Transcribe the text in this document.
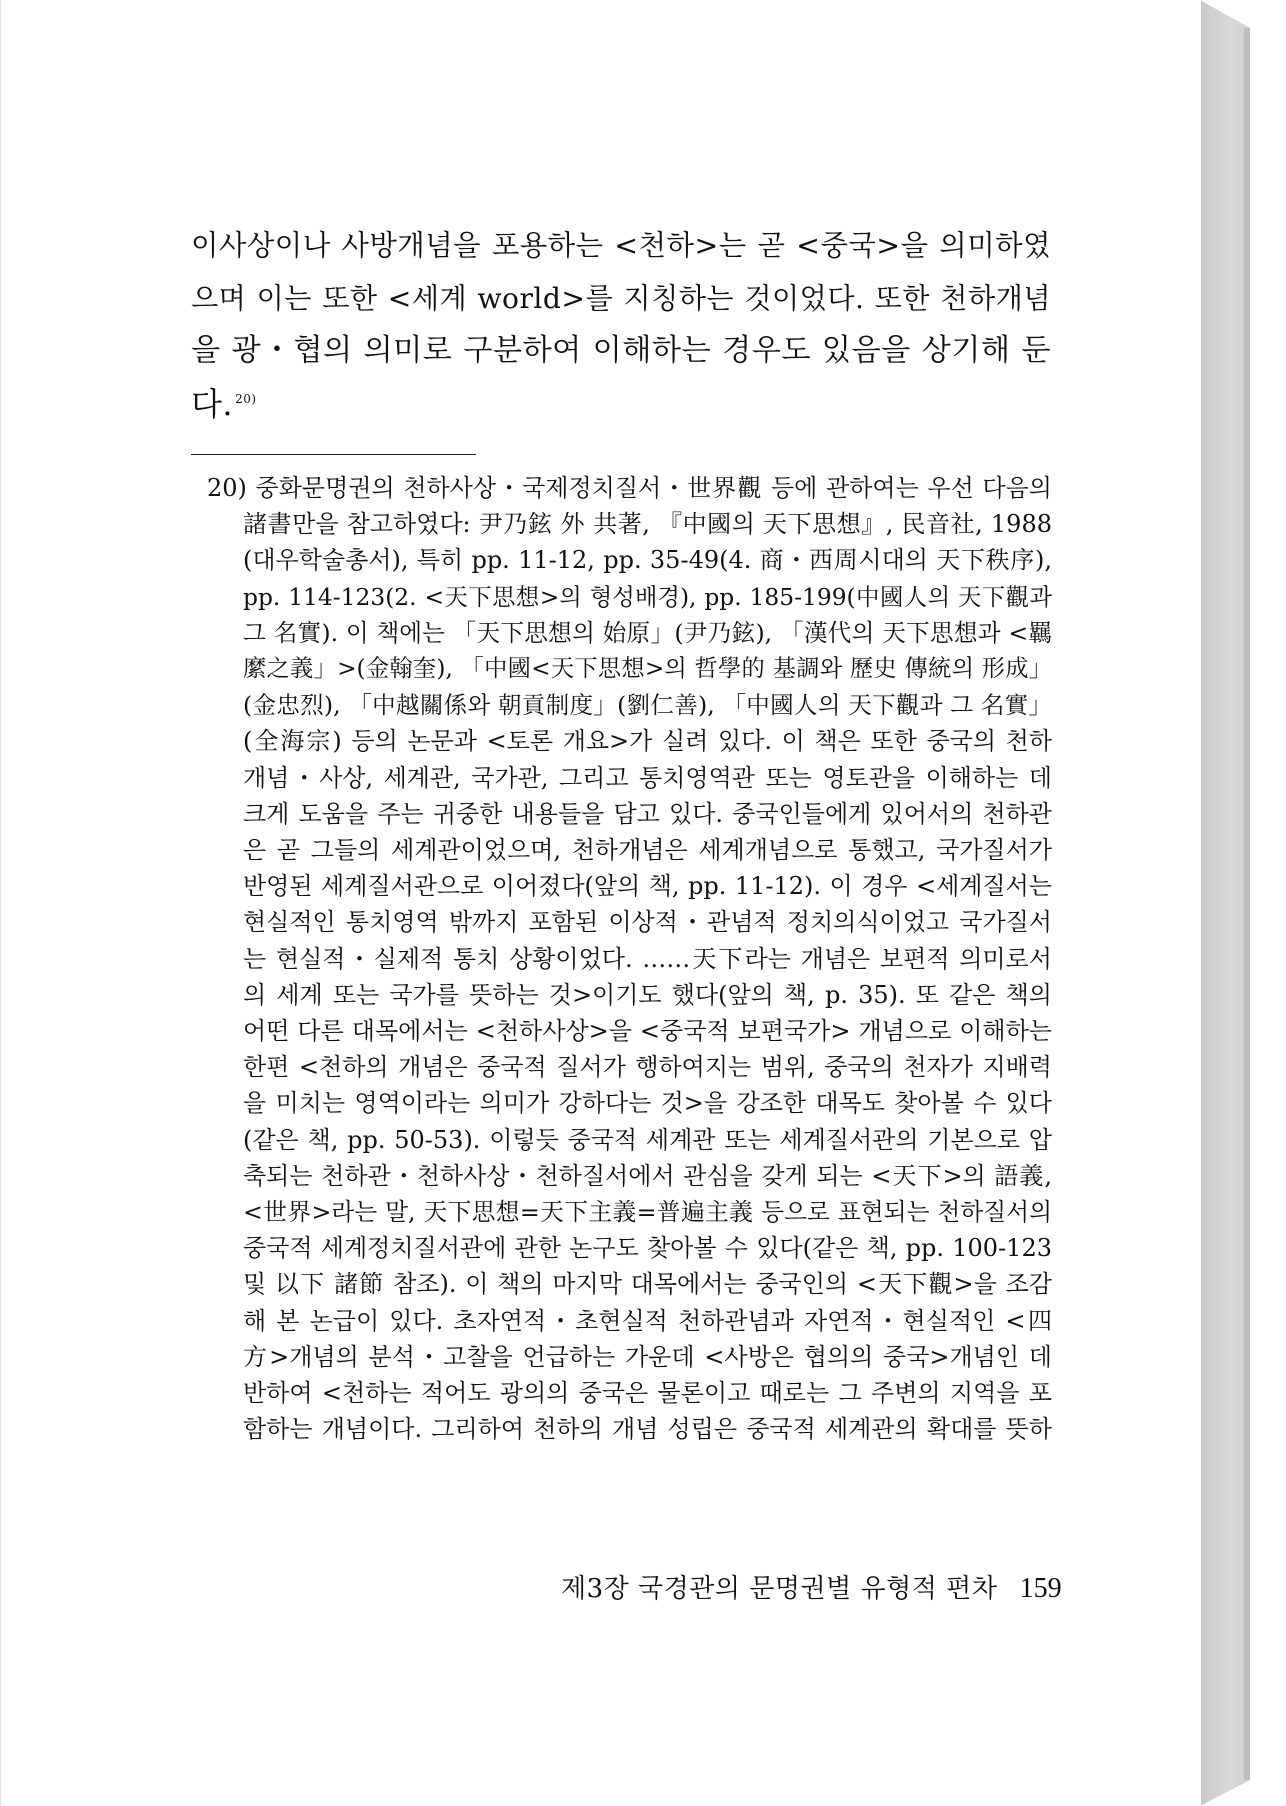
이사상이나 사방개념을 포용하는 <천하>는 곧 <중국>을 의미하였
으며 이는 또한 <세계 world>를 지칭하는 것이었다. 또한 천하개념
을 광・협의 의미로 구분하여 이해하는 경우도 있음을 상기해 둔
다. $^{20)}$
20) 중화문명권의 천하사상・국제정치질서・世界觀 등에 관하여는 우선 다음의
諸書만을 참고하였다: 尹乃鉉 外 共著, 『中國의 天下思想』, 民音社, 1988
(대우학술총서), 특히 pp. 11-12, pp. 35-49(4. 商・西周시대의 天下秩序),
pp. 114-123(2. <天下思想>의 형성배경), pp. 185-199(中國人의 天下觀과
그 名實). 이 책에는 「天下思想의 始原」(尹乃鉉), 「漢代의 天下思想과 <羈
縻之義」>(金翰奎), 「中國<天下思想>의 哲學的 基調와 歷史 傳統의 形成」
(金忠烈), 「中越關係와 朝貢制度」(劉仁善), 「中國人의 天下觀과 그 名實」
(全海宗) 등의 논문과 <토론 개요>가 실려 있다. 이 책은 또한 중국의 천하
개념・사상, 세계관, 국가관, 그리고 통치영역관 또는 영토관을 이해하는 데
크게 도움을 주는 귀중한 내용들을 담고 있다. 중국인들에게 있어서의 천하관
은 곧 그들의 세계관이었으며, 천하개념은 세계개념으로 통했고, 국가질서가
반영된 세계질서관으로 이어졌다(앞의 책, pp. 11-12). 이 경우 <세계질서는
현실적인 통치영역 밖까지 포함된 이상적・관념적 정치의식이었고 국가질서
는 현실적・실제적 통치 상황이었다. ……天下라는 개념은 보편적 의미로서
의 세계 또는 국가를 뜻하는 것>이기도 했다(앞의 책, p. 35). 또 같은 책의
어떤 다른 대목에서는 <천하사상>을 <중국적 보편국가> 개념으로 이해하는
한편 <천하의 개념은 중국적 질서가 행하여지는 범위, 중국의 천자가 지배력
을 미치는 영역이라는 의미가 강하다는 것>을 강조한 대목도 찾아볼 수 있다
(같은 책, pp. 50-53). 이렇듯 중국적 세계관 또는 세계질서관의 기본으로 압
축되는 천하관・천하사상・천하질서에서 관심을 갖게 되는 <天下>의 語義,
<世界>라는 말, 天下思想=天下主義=普遍主義 등으로 표현되는 천하질서의
중국적 세계정치질서관에 관한 논구도 찾아볼 수 있다(같은 책, pp. 100-123
및 以下 諸節 참조). 이 책의 마지막 대목에서는 중국인의 <天下觀>을 조감
해 본 논급이 있다. 초자연적・초현실적 천하관념과 자연적・현실적인 <四
方>개념의 분석・고찰을 언급하는 가운데 <사방은 협의의 중국>개념인 데
반하여 <천하는 적어도 광의의 중국은 물론이고 때로는 그 주변의 지역을 포
함하는 개념이다. 그리하여 천하의 개념 성립은 중국적 세계관의 확대를 뜻하
제3장 국경관의 문명권별 유형적 편차 159
